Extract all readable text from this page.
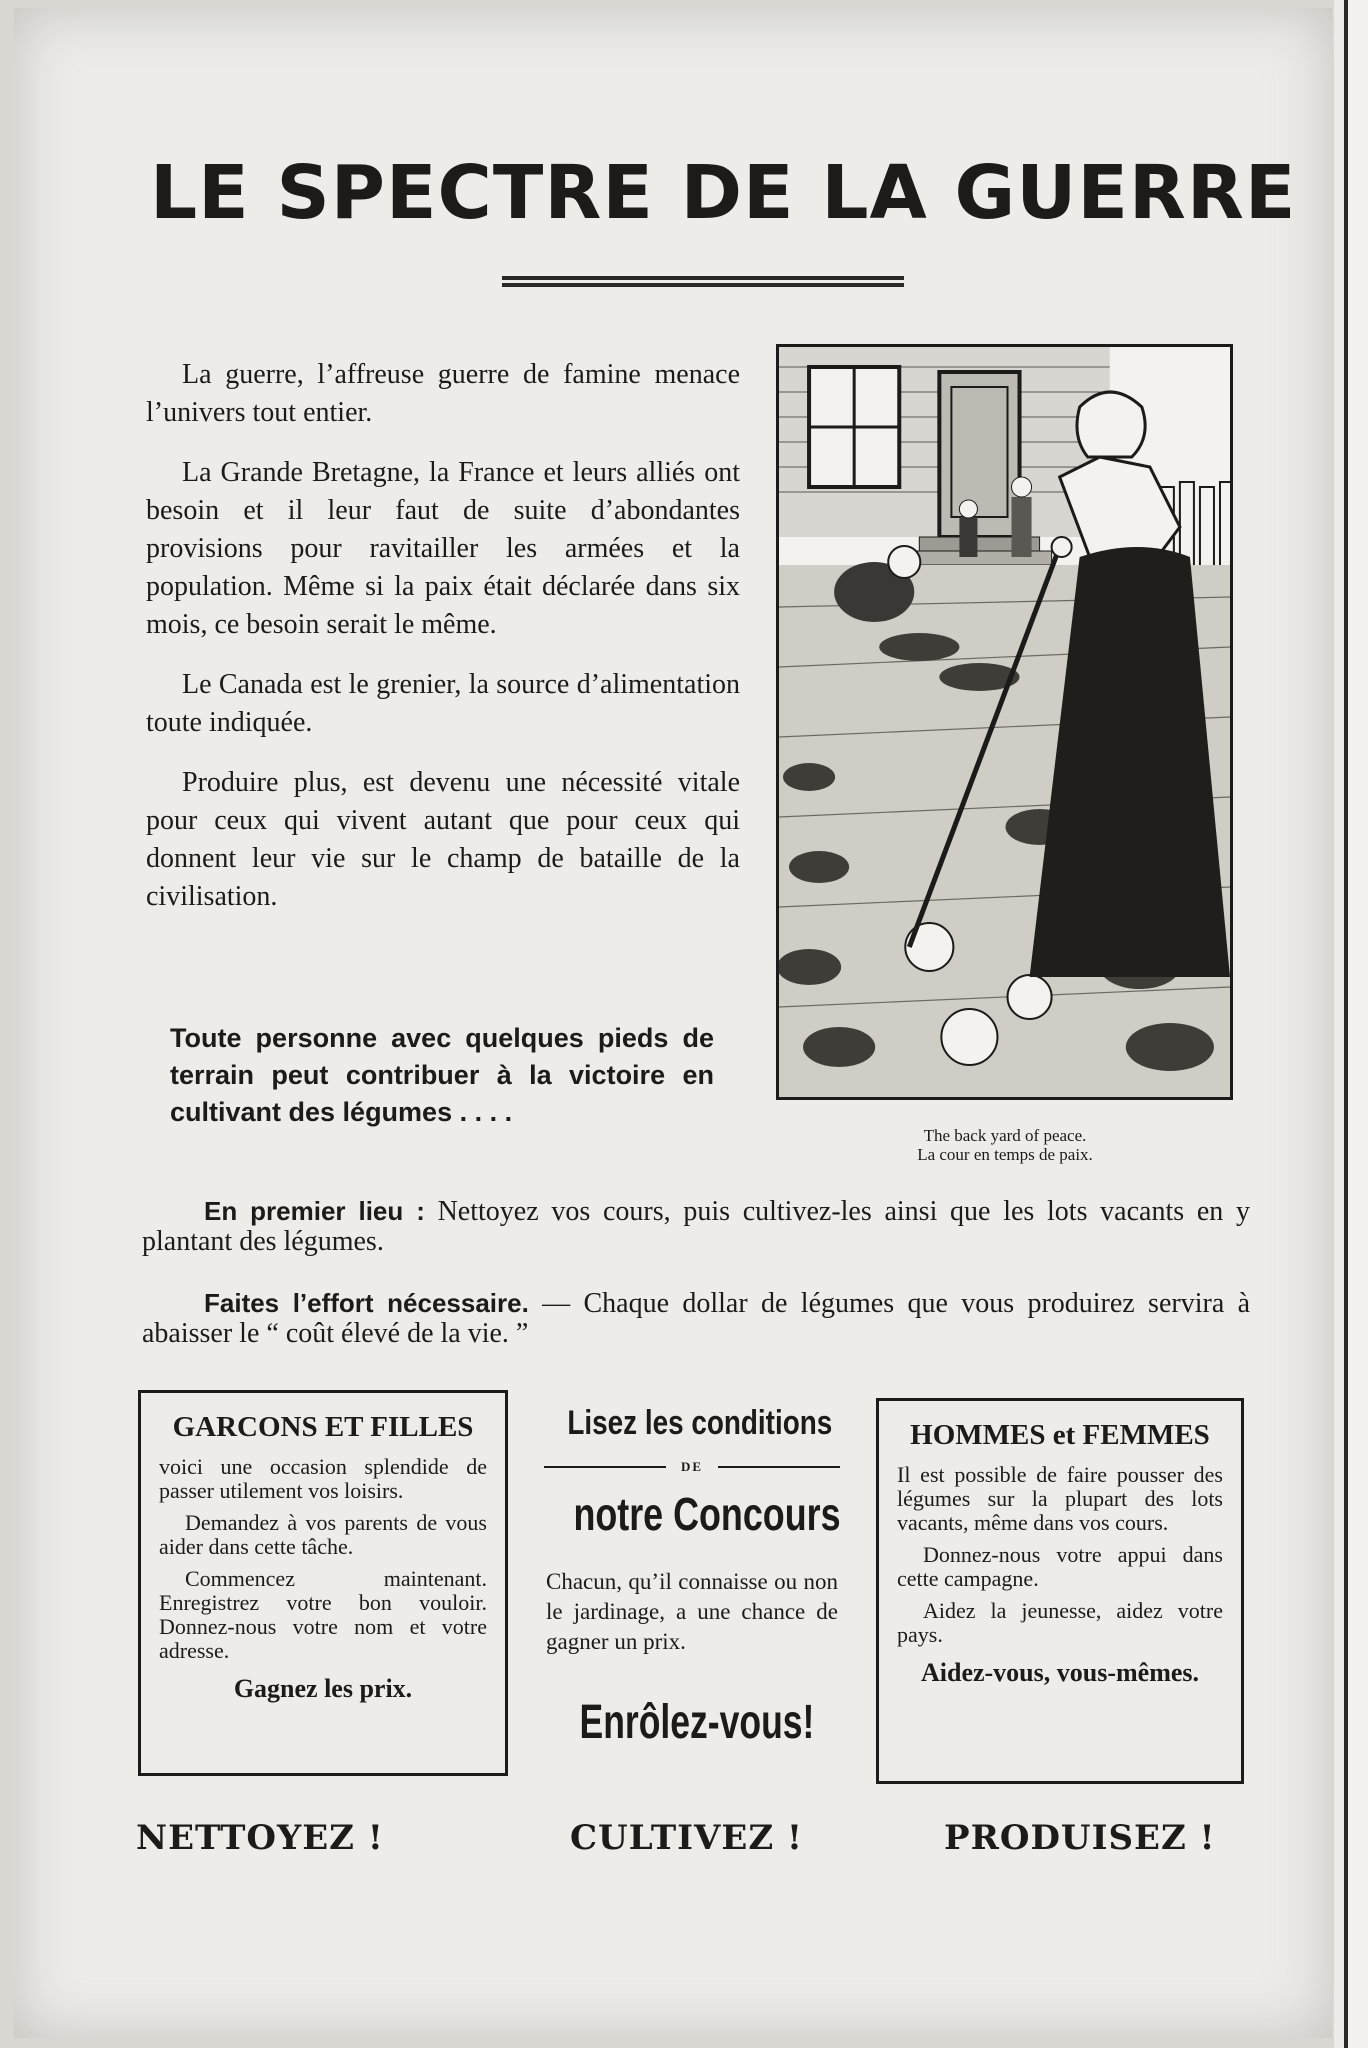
LE SPECTRE DE LA GUERRE

La guerre, l’affreuse guerre de famine menace l’univers tout entier.

La Grande Bretagne, la France et leurs alliés ont besoin et il leur faut de suite d’abondantes provisions pour ravitailler les armées et la population. Même si la paix était déclarée dans six mois, ce besoin serait le même.

Le Canada est le grenier, la source d’alimentation toute indiquée.

Produire plus, est devenu une nécessité vitale pour ceux qui vivent autant que pour ceux qui donnent leur vie sur le champ de bataille de la civilisation.

Toute personne avec quelques pieds de terrain peut contribuer à la victoire en cultivant des légumes . . . .
The back yard of peace.
La cour en temps de paix.
En premier lieu : Nettoyez vos cours, puis cultivez-les ainsi que les lots vacants en y plantant des légumes.
Faites l’effort nécessaire. — Chaque dollar de légumes que vous produirez servira à abaisser le “ coût élevé de la vie. ”
GARCONS ET FILLES

voici une occasion splendide de passer utilement vos loisirs.

Demandez à vos parents de vous aider dans cette tâche.

Commencez maintenant. Enregistrez votre bon vouloir. Donnez-nous votre nom et votre adresse.

Gagnez les prix.
Lisez les conditions
DE
notre Concours
Chacun, qu’il connaisse ou non le jardinage, a une chance de gagner un prix.
Enrôlez-vous!
HOMMES et FEMMES

Il est possible de faire pousser des légumes sur la plupart des lots vacants, même dans vos cours.

Donnez-nous votre appui dans cette campagne.

Aidez la jeunesse, aidez votre pays.

Aidez-vous, vous-mêmes.
NETTOYEZ !	CULTIVEZ !	PRODUISEZ !
